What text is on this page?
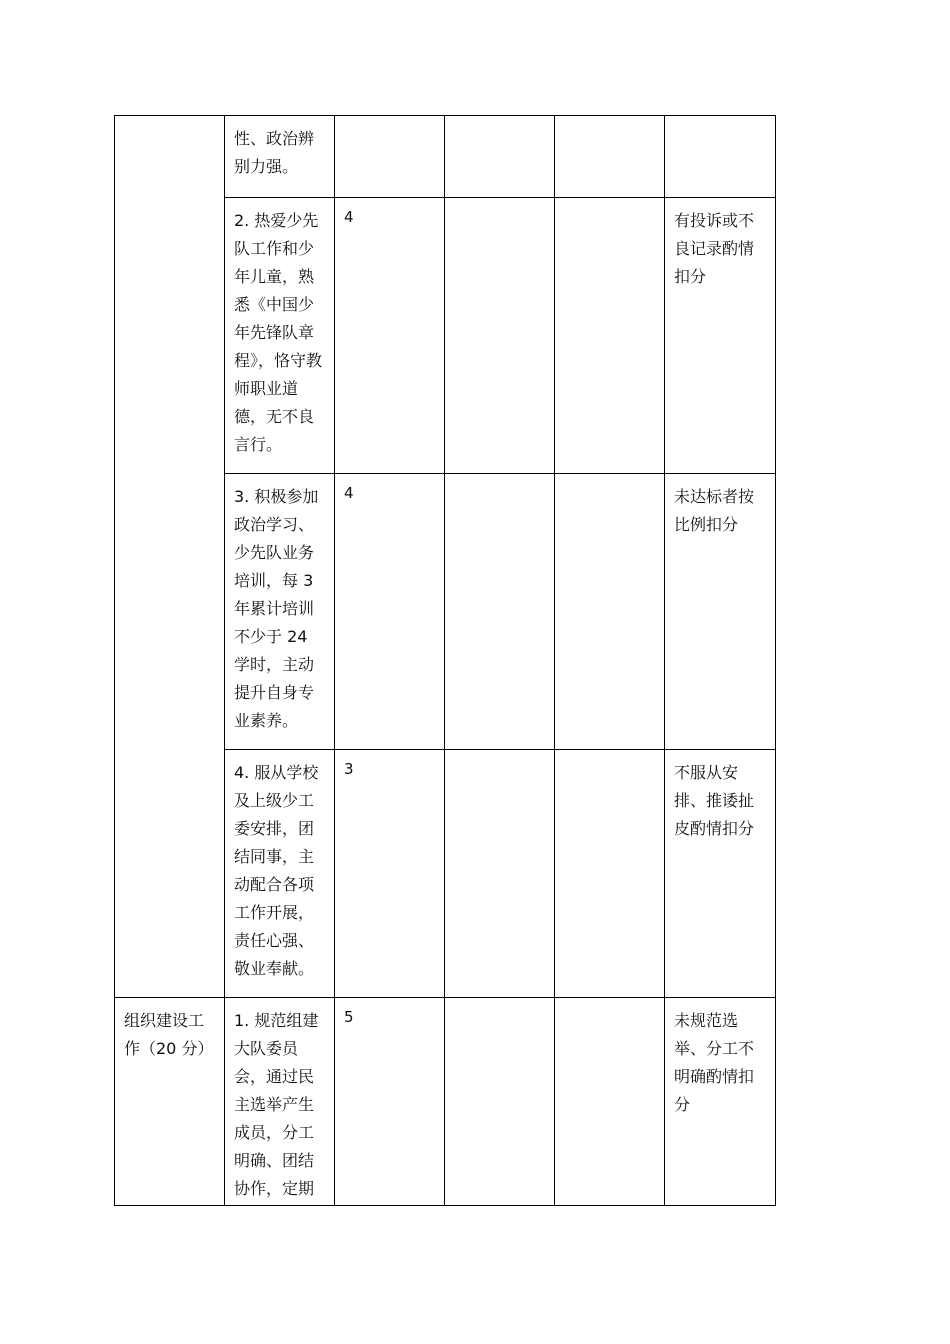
	性、政治辨别力强。				

	2. 热爱少先队工作和少年儿童，熟悉《中国少年先锋队章程》，恪守教师职业道德，无不良言行。	4			有投诉或不良记录酌情扣分

	3. 积极参加政治学习、少先队业务培训，每 3 年累计培训不少于 24 学时，主动提升自身专业素养。	4			未达标者按比例扣分

	4. 服从学校及上级少工委安排，团结同事，主动配合各项工作开展，责任心强、敬业奉献。	3			不服从安排、推诿扯皮酌情扣分

组织建设工作（20 分）	1. 规范组建大队委员会，通过民主选举产生成员，分工明确、团结协作，定期	5			未规范选举、分工不明确酌情扣分
